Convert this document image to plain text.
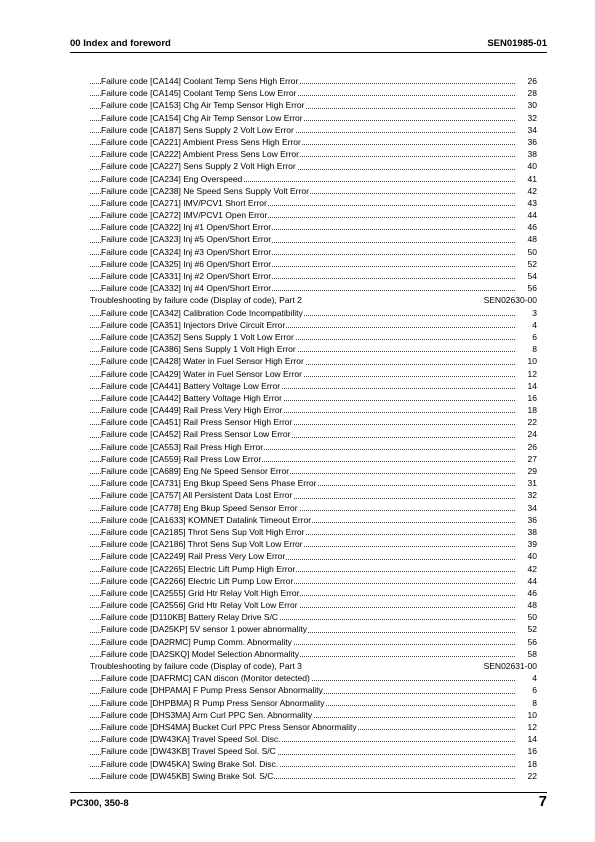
00 Index and foreword	SEN01985-01
Failure code [CA144] Coolant Temp Sens High Error	26
Failure code [CA145] Coolant Temp Sens Low Error	28
Failure code [CA153] Chg Air Temp Sensor High Error	30
Failure code [CA154] Chg Air Temp Sensor Low Error	32
Failure code [CA187] Sens Supply 2 Volt Low Error	34
Failure code [CA221] Ambient Press Sens High Error	36
Failure code [CA222] Ambient Press Sens Low Error	38
Failure code [CA227] Sens Supply 2 Volt High Error	40
Failure code [CA234] Eng Overspeed	41
Failure code [CA238] Ne Speed Sens Supply Volt Error	42
Failure code [CA271] IMV/PCV1 Short Error	43
Failure code [CA272] IMV/PCV1 Open Error	44
Failure code [CA322] Inj #1 Open/Short Error	46
Failure code [CA323] Inj #5 Open/Short Error	48
Failure code [CA324] Inj #3 Open/Short Error	50
Failure code [CA325] Inj #6 Open/Short Error	52
Failure code [CA331] Inj #2 Open/Short Error	54
Failure code [CA332] Inj #4 Open/Short Error	56
Troubleshooting by failure code (Display of code), Part 2	SEN02630-00
Failure code [CA342] Calibration Code Incompatibility	3
Failure code [CA351] Injectors Drive Circuit Error	4
Failure code [CA352] Sens Supply 1 Volt Low Error	6
Failure code [CA386] Sens Supply 1 Volt High Error	8
Failure code [CA428] Water in Fuel Sensor High Error	10
Failure code [CA429] Water in Fuel Sensor Low Error	12
Failure code [CA441] Battery Voltage Low Error	14
Failure code [CA442] Battery Voltage High Error	16
Failure code [CA449] Rail Press Very High Error	18
Failure code [CA451] Rail Press Sensor High Error	22
Failure code [CA452] Rail Press Sensor Low Error	24
Failure code [CA553] Rail Press High Error	26
Failure code [CA559] Rail Press Low Error	27
Failure code [CA689] Eng Ne Speed Sensor Error	29
Failure code [CA731] Eng Bkup Speed Sens Phase Error	31
Failure code [CA757] All Persistent Data Lost Error	32
Failure code [CA778] Eng Bkup Speed Sensor Error	34
Failure code [CA1633] KOMNET Datalink Timeout Error	36
Failure code [CA2185] Throt Sens Sup Volt High Error	38
Failure code [CA2186] Throt Sens Sup Volt Low Error	39
Failure code [CA2249] Rail Press Very Low Error	40
Failure code [CA2265] Electric Lift Pump High Error	42
Failure code [CA2266] Electric Lift Pump Low Error	44
Failure code [CA2555] Grid Htr Relay Volt High Error	46
Failure code [CA2556] Grid Htr Relay Volt Low Error	48
Failure code [D110KB] Battery Relay Drive S/C	50
Failure code [DA25KP] 5V sensor 1 power abnormality	52
Failure code [DA2RMC] Pump Comm. Abnormality	56
Failure code [DA2SKQ] Model Selection Abnormality	58
Troubleshooting by failure code (Display of code), Part 3	SEN02631-00
Failure code [DAFRMC] CAN discon (Monitor detected)	4
Failure code [DHPAMA] F Pump Press Sensor Abnormality	6
Failure code [DHPBMA] R Pump Press Sensor Abnormality	8
Failure code [DHS3MA] Arm Curl PPC Sen. Abnormality	10
Failure code [DHS4MA] Bucket Curl PPC Press Sensor Abnormality	12
Failure code [DW43KA] Travel Speed Sol. Disc.	14
Failure code [DW43KB] Travel Speed Sol. S/C	16
Failure code [DW45KA] Swing Brake Sol. Disc.	18
Failure code [DW45KB] Swing Brake Sol. S/C	22
PC300, 350-8	7
